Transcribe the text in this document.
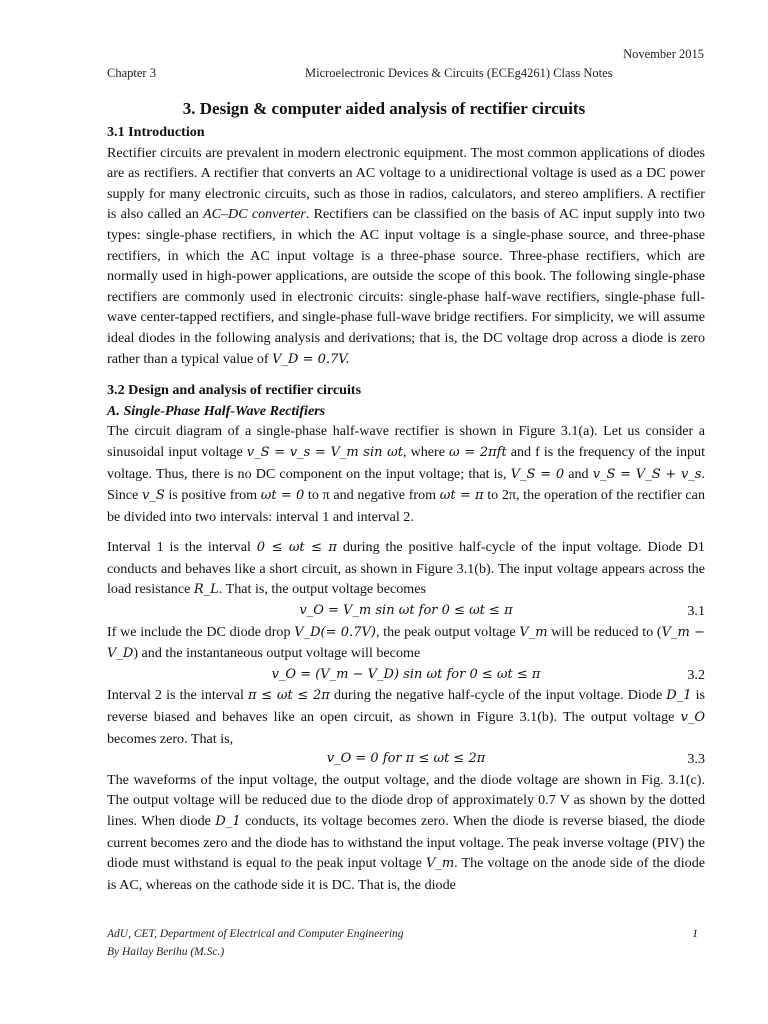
November 2015
Chapter 3	Microelectronic Devices & Circuits (ECEg4261) Class Notes
3. Design & computer aided analysis of rectifier circuits
3.1 Introduction

Rectifier circuits are prevalent in modern electronic equipment. The most common applications of diodes are as rectifiers. A rectifier that converts an AC voltage to a unidirectional voltage is used as a DC power supply for many electronic circuits, such as those in radios, calculators, and stereo amplifiers. A rectifier is also called an AC–DC converter. Rectifiers can be classified on the basis of AC input supply into two types: single-phase rectifiers, in which the AC input voltage is a single-phase source, and three-phase rectifiers, in which the AC input voltage is a three-phase source. Three-phase rectifiers, which are normally used in high-power applications, are outside the scope of this book. The following single-phase rectifiers are commonly used in electronic circuits: single-phase half-wave rectifiers, single-phase full-wave center-tapped rectifiers, and single-phase full-wave bridge rectifiers. For simplicity, we will assume ideal diodes in the following analysis and derivations; that is, the DC voltage drop across a diode is zero rather than a typical value of V_D = 0.7V.

3.2 Design and analysis of rectifier circuits
A. Single-Phase Half-Wave Rectifiers

The circuit diagram of a single-phase half-wave rectifier is shown in Figure 3.1(a). Let us consider a sinusoidal input voltage v_S = v_s = V_m sin ωt, where ω = 2πft and f is the frequency of the input voltage. Thus, there is no DC component on the input voltage; that is, V_S = 0 and v_S = V_S + v_s. Since v_S is positive from ωt = 0 to π and negative from ωt = π to 2π, the operation of the rectifier can be divided into two intervals: interval 1 and interval 2.

Interval 1 is the interval 0 ≤ ωt ≤ π during the positive half-cycle of the input voltage. Diode D1 conducts and behaves like a short circuit, as shown in Figure 3.1(b). The input voltage appears across the load resistance R_L. That is, the output voltage becomes

v_O = V_m sin ωt for 0 ≤ ωt ≤ π	3.1

If we include the DC diode drop V_D(= 0.7V), the peak output voltage V_m will be reduced to (V_m − V_D) and the instantaneous output voltage will become

v_O = (V_m − V_D) sin ωt for 0 ≤ ωt ≤ π	3.2

Interval 2 is the interval π ≤ ωt ≤ 2π during the negative half-cycle of the input voltage. Diode D_1 is reverse biased and behaves like an open circuit, as shown in Figure 3.1(b). The output voltage v_O becomes zero. That is,

v_O = 0 for π ≤ ωt ≤ 2π	3.3

The waveforms of the input voltage, the output voltage, and the diode voltage are shown in Fig. 3.1(c). The output voltage will be reduced due to the diode drop of approximately 0.7 V as shown by the dotted lines. When diode D_1 conducts, its voltage becomes zero. When the diode is reverse biased, the diode current becomes zero and the diode has to withstand the input voltage. The peak inverse voltage (PIV) the diode must withstand is equal to the peak input voltage V_m. The voltage on the anode side of the diode is AC, whereas on the cathode side it is DC. That is, the diode

AdU, CET, Department of Electrical and Computer Engineering
By Hailay Berihu (M.Sc.)
1
